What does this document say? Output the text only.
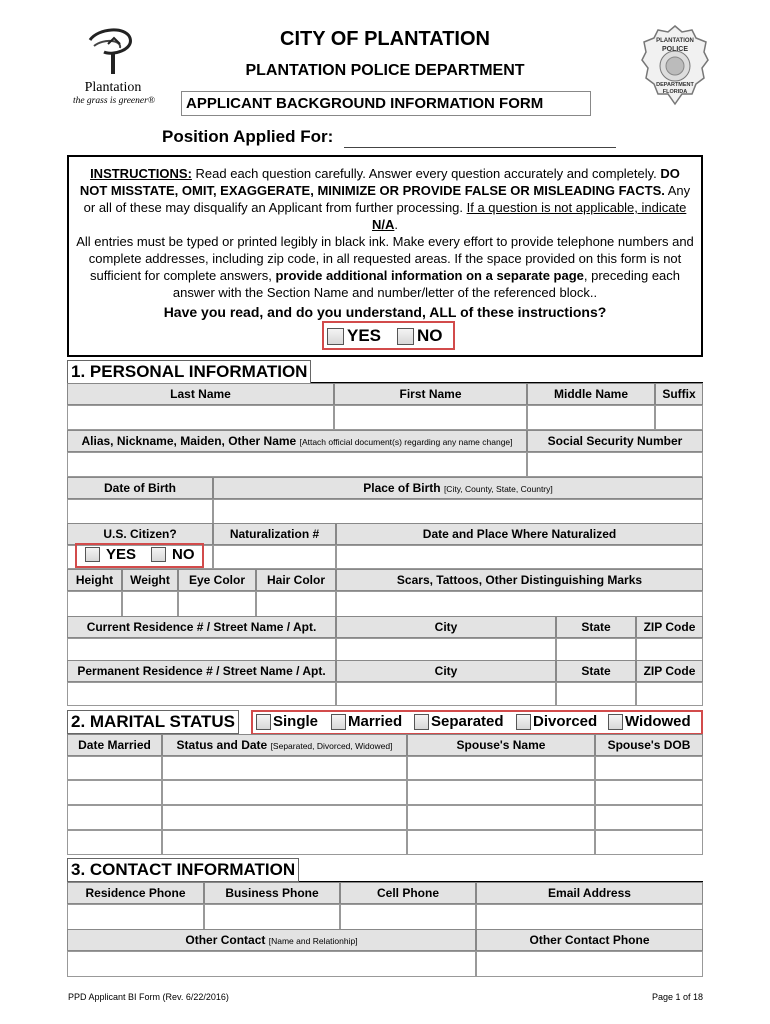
Plantation
the grass is greener®
CITY OF PLANTATION
PLANTATION POLICE DEPARTMENT
APPLICANT BACKGROUND INFORMATION FORM
PLANTATION
POLICE
DEPARTMENT
FLORIDA
Position Applied For:

INSTRUCTIONS: Read each question carefully. Answer every question accurately and completely. DO NOT MISSTATE, OMIT, EXAGGERATE, MINIMIZE OR PROVIDE FALSE OR MISLEADING FACTS. Any or all of these may disqualify an Applicant from further processing. If a question is not applicable, indicate N/A.

All entries must be typed or printed legibly in black ink. Make every effort to provide telephone numbers and complete addresses, including zip code, in all requested areas. If the space provided on this form is not sufficient for complete answers, provide additional information on a separate page, preceding each answer with the Section Name and number/letter of the referenced block..

Have you read, and do you understand, ALL of these instructions?

YES NO
1. PERSONAL INFORMATION
Last Name	First Name	Middle Name	Suffix
Alias, Nickname, Maiden, Other Name [Attach official document(s) regarding any name change]	Social Security Number
Date of Birth	Place of Birth [City, County, State, Country]
U.S. Citizen?	Naturalization #	Date and Place Where Naturalized
YES NO
Height	Weight	Eye Color	Hair Color	Scars, Tattoos, Other Distinguishing Marks
Current Residence # / Street Name / Apt.	City	State	ZIP Code
Permanent Residence # / Street Name / Apt.	City	State	ZIP Code
2. MARITAL STATUS	Single Married Separated Divorced Widowed
Date Married	Status and Date [Separated, Divorced, Widowed]	Spouse's Name	Spouse's DOB
3. CONTACT INFORMATION
Residence Phone	Business Phone	Cell Phone	Email Address
Other Contact [Name and Relationhip]	Other Contact Phone
PPD Applicant BI Form (Rev. 6/22/2016)	Page 1 of 18
